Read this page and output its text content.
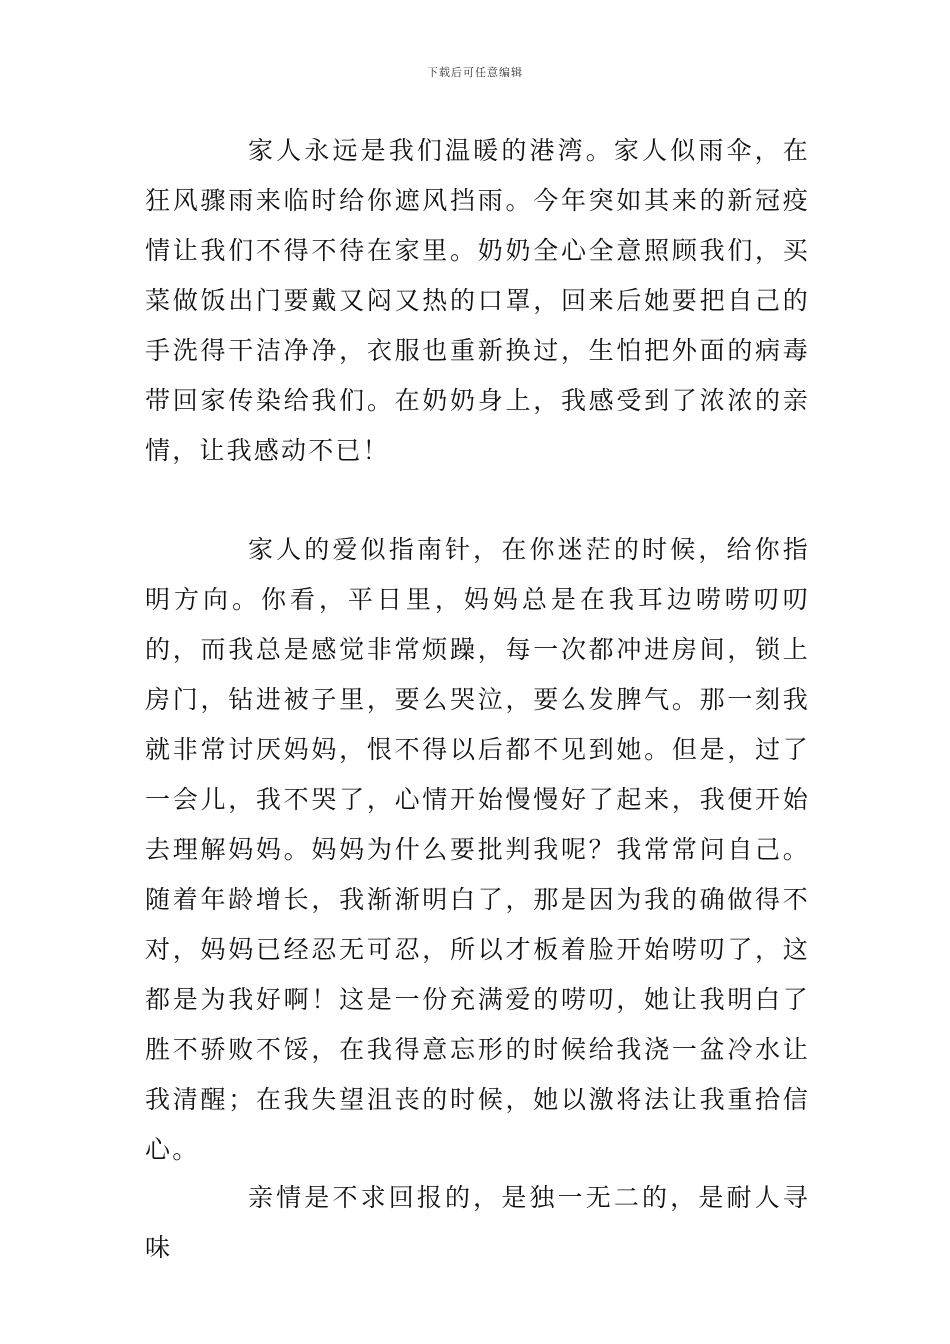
下载后可任意编辑

家人永远是我们温暖的港湾。家人似雨伞，在狂风骤雨来临时给你遮风挡雨。今年突如其来的新冠疫情让我们不得不待在家里。奶奶全心全意照顾我们，买菜做饭出门要戴又闷又热的口罩，回来后她要把自己的手洗得干洁净净，衣服也重新换过，生怕把外面的病毒带回家传染给我们。在奶奶身上，我感受到了浓浓的亲情，让我感动不已！

家人的爱似指南针，在你迷茫的时候，给你指明方向。你看，平日里，妈妈总是在我耳边唠唠叨叨的，而我总是感觉非常烦躁，每一次都冲进房间，锁上房门，钻进被子里，要么哭泣，要么发脾气。那一刻我就非常讨厌妈妈，恨不得以后都不见到她。但是，过了一会儿，我不哭了，心情开始慢慢好了起来，我便开始去理解妈妈。妈妈为什么要批判我呢？我常常问自己。随着年龄增长，我渐渐明白了，那是因为我的确做得不对，妈妈已经忍无可忍，所以才板着脸开始唠叨了，这都是为我好啊！这是一份充满爱的唠叨，她让我明白了胜不骄败不馁，在我得意忘形的时候给我浇一盆冷水让我清醒；在我失望沮丧的时候，她以激将法让我重拾信心。

亲情是不求回报的，是独一无二的，是耐人寻味
